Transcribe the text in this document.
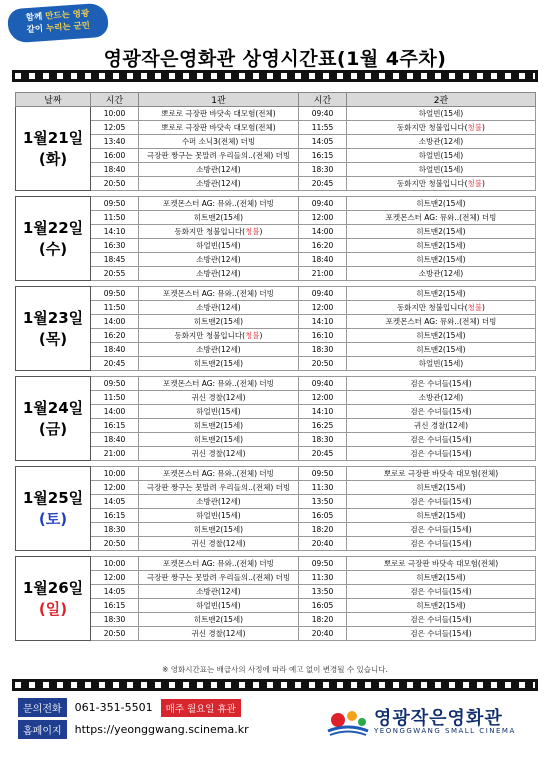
함께 만드는 영광
같이 누리는 군민
영광작은영화관 상영시간표(1월 4주차)
날짜	시간	1관	시간	2관

1월21일
(화)	10:00	뽀로로 극장판 바닷속 대모험(전체)	09:40	하얼빈(15세)
	12:05	뽀로로 극장판 바닷속 대모험(전체)	11:55	동화지만 청불입니다(청불)
	13:40	수퍼 소닉3(전체) 더빙	14:05	소방관(12세)
	16:00	극장판 짱구는 못말려 우리들의..(전체) 더빙	16:15	하얼빈(15세)
	18:40	소방관(12세)	18:30	하얼빈(15세)
	20:50	소방관(12세)	20:45	동화지만 청불입니다(청불)

1월22일
(수)	09:50	포켓몬스터 AG: 뮤와..(전체) 더빙	09:40	히트맨2(15세)
	11:50	히트맨2(15세)	12:00	포켓몬스터 AG: 뮤와..(전체) 더빙
	14:10	동화지만 청불입니다(청불)	14:00	히트맨2(15세)
	16:30	하얼빈(15세)	16:20	히트맨2(15세)
	18:45	소방관(12세)	18:40	히트맨2(15세)
	20:55	소방관(12세)	21:00	소방관(12세)

1월23일
(목)	09:50	포켓몬스터 AG: 뮤와..(전체) 더빙	09:40	히트맨2(15세)
	11:50	소방관(12세)	12:00	동화지만 청불입니다(청불)
	14:00	히트맨2(15세)	14:10	포켓몬스터 AG: 뮤와..(전체) 더빙
	16:20	동화지만 청불입니다(청불)	16:10	히트맨2(15세)
	18:40	소방관(12세)	18:30	히트맨2(15세)
	20:45	히트맨2(15세)	20:50	하얼빈(15세)

1월24일
(금)	09:50	포켓몬스터 AG: 뮤와..(전체) 더빙	09:40	검은 수녀들(15세)
	11:50	귀신 경찰(12세)	12:00	소방관(12세)
	14:00	하얼빈(15세)	14:10	검은 수녀들(15세)
	16:15	히트맨2(15세)	16:25	귀신 경찰(12세)
	18:40	히트맨2(15세)	18:30	검은 수녀들(15세)
	21:00	귀신 경찰(12세)	20:45	검은 수녀들(15세)

1월25일
(토)	10:00	포켓몬스터 AG: 뮤와..(전체) 더빙	09:50	뽀로로 극장판 바닷속 대모험(전체)
	12:00	극장판 짱구는 못말려 우리들의..(전체) 더빙	11:30	히트맨2(15세)
	14:05	소방관(12세)	13:50	검은 수녀들(15세)
	16:15	하얼빈(15세)	16:05	히트맨2(15세)
	18:30	히트맨2(15세)	18:20	검은 수녀들(15세)
	20:50	귀신 경찰(12세)	20:40	검은 수녀들(15세)

1월26일
(일)	10:00	포켓몬스터 AG: 뮤와..(전체) 더빙	09:50	뽀로로 극장판 바닷속 대모험(전체)
	12:00	극장판 짱구는 못말려 우리들의..(전체) 더빙	11:30	히트맨2(15세)
	14:05	소방관(12세)	13:50	검은 수녀들(15세)
	16:15	하얼빈(15세)	16:05	히트맨2(15세)
	18:30	히트맨2(15세)	18:20	검은 수녀들(15세)
	20:50	귀신 경찰(12세)	20:40	검은 수녀들(15세)
※ 영화시간표는 배급사의 사정에 따라 예고 없이 변경될 수 있습니다.
문의전화	061-351-5501	매주 월요일 휴관
홈페이지	https://yeonggwang.scinema.kr
영광작은영화관
YEONGGWANG SMALL CINEMA
